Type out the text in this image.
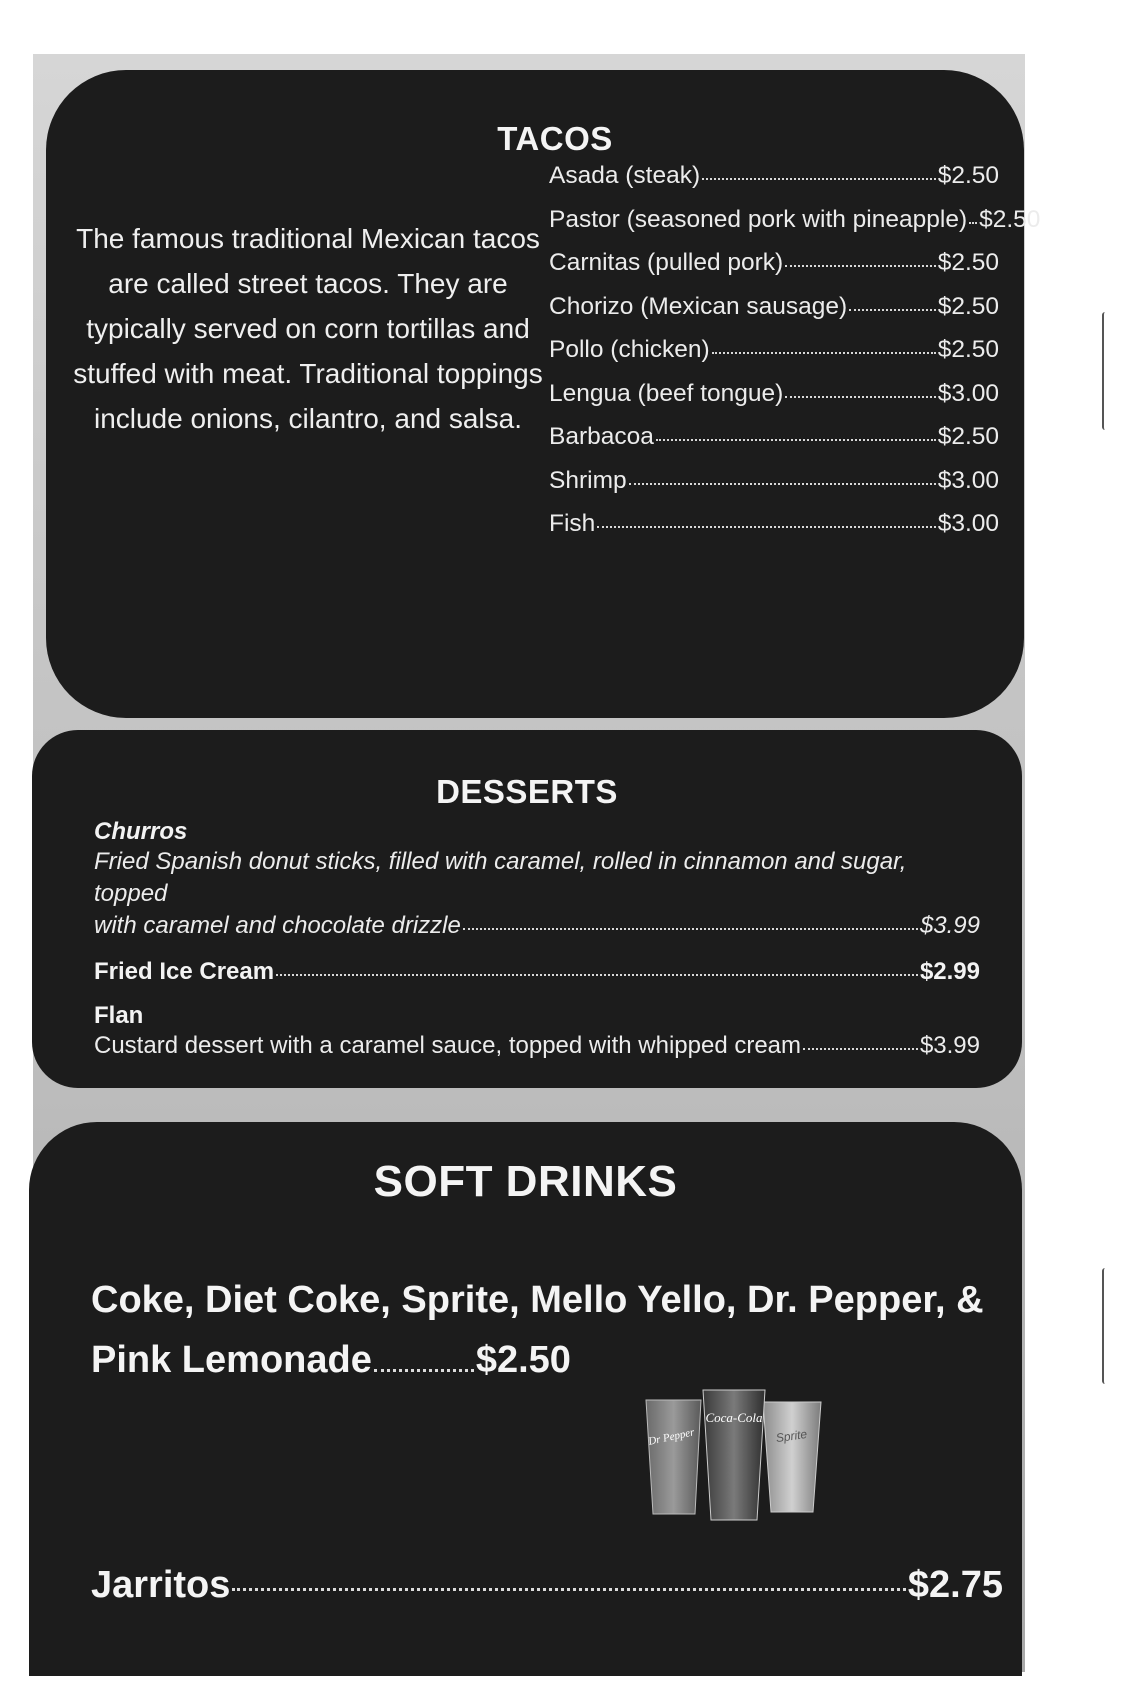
TACOS
The famous traditional Mexican tacos are called street tacos. They are typically served on corn tortillas and stuffed with meat. Traditional toppings include onions, cilantro, and salsa.
Asada (steak)	$2.50
Pastor (seasoned pork with pineapple) $2.50
Carnitas (pulled pork)	$2.50
Chorizo (Mexican sausage)	$2.50
Pollo (chicken)	$2.50
Lengua (beef tongue)	$3.00
Barbacoa	$2.50
Shrimp	$3.00
Fish	$3.00
DESSERTS
Churros
Fried Spanish donut sticks, filled with caramel, rolled in cinnamon and sugar, topped
with caramel and chocolate drizzle	$3.99
Fried Ice Cream	$2.99
Flan
Custard dessert with a caramel sauce, topped with whipped cream	$3.99
SOFT DRINKS
Coke, Diet Coke, Sprite, Mello Yello, Dr. Pepper, &
Pink Lemonade	$2.50
Dr Pepper
Coca-Cola
Sprite
Jarritos	$2.75
